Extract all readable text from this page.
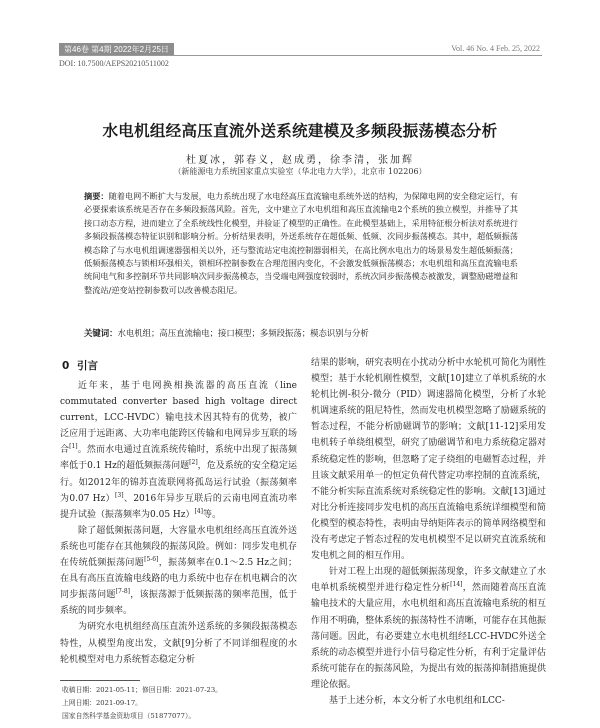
第46卷 第4期 2022年2月25日	Vol. 46 No. 4 Feb. 25, 2022
DOI: 10.7500/AEPS20210511002
水电机组经高压直流外送系统建模及多频段振荡模态分析
杜夏冰，郭春义，赵成勇，徐李清，张加辉
（新能源电力系统国家重点实验室（华北电力大学），北京市 102206）
摘要：随着电网不断扩大与发展，电力系统出现了水电经高压直流输电系统外送的结构，为保障电网的安全稳定运行，有必要探索该系统是否存在多频段振荡风险。首先，文中建立了水电机组和高压直流输电2个系统的独立模型，并推导了其接口动态方程，进而建立了全系统线性化模型，并验证了模型的正确性。在此模型基础上，采用特征根分析法对系统进行多频段振荡模态特征识别和影响分析。分析结果表明，外送系统存在超低频、低频、次同步振荡模态。其中，超低频振荡模态除了与水电机组调速器强相关以外，还与整流站定电流控制器弱相关，在高比例水电出力的场景易发生超低频振荡；低频振荡模态与锁相环强相关，锁相环控制参数在合理范围内变化，不会激发低频振荡模态；水电机组和高压直流输电系统间电气和多控制环节共同影响次同步振荡模态，当受端电网强度较弱时，系统次同步振荡模态被激发，调整励磁增益和整流站/逆变站控制参数可以改善模态阻尼。
关键词：水电机组；高压直流输电；接口模型；多频段振荡；模态识别与分析
0 引言

近年来，基于电网换相换流器的高压直流（line commutated converter based high voltage direct current，LCC-HVDC）输电技术因其特有的优势，被广泛应用于远距离、大功率电能跨区传输和电网异步互联的场合[1]。然而水电通过直流系统传输时，系统中出现了振荡频率低于0.1 Hz的超低频振荡问题[2]，危及系统的安全稳定运行。如2012年的锦苏直流联网将孤岛运行试验（振荡频率为0.07 Hz）[3]、2016年异步互联后的云南电网直流功率提升试验（振荡频率为0.05 Hz）[4]等。

除了超低频振荡问题，大容量水电机组经高压直流外送系统也可能存在其他频段的振荡风险。例如：同步发电机存在传统低频振荡问题[5-6]，振荡频率在0.1～2.5 Hz之间；在具有高压直流输电线路的电力系统中也存在机电耦合的次同步振荡问题[7-8]，该振荡源于低频振荡的频率范围，低于系统的同步频率。

为研究水电机组经高压直流外送系统的多频段振荡模态特性，从模型角度出发，文献[9]分析了不同详细程度的水轮机模型对电力系统暂态稳定分析

结果的影响，研究表明在小扰动分析中水轮机可简化为刚性模型；基于水轮机刚性模型，文献[10]建立了单机系统的水轮机比例-积分-微分（PID）调速器简化模型，分析了水轮机调速系统的阻尼特性，然而发电机模型忽略了励磁系统的暂态过程，不能分析励磁调节的影响；文献[11-12]采用发电机转子单绕组模型，研究了励磁调节和电力系统稳定器对系统稳定性的影响，但忽略了定子绕组的电磁暂态过程，并且该文献采用单一的恒定负荷代替定功率控制的直流系统，不能分析实际直流系统对系统稳定性的影响。文献[13]通过对比分析连接同步发电机的高压直流输电系统详细模型和简化模型的模态特性，表明由导纳矩阵表示的简单网络模型和没有考虑定子暂态过程的发电机模型不足以研究直流系统和发电机之间的相互作用。

针对工程上出现的超低频振荡现象，许多文献建立了水电单机系统模型并进行稳定性分析[14]，然而随着高压直流输电技术的大量应用，水电机组和高压直流输电系统的相互作用不明确，整体系统的振荡特性不清晰，可能存在其他振荡问题。因此，有必要建立水电机组经LCC-HVDC外送全系统的动态模型并进行小信号稳定性分析，有利于定量评估系统可能存在的振荡风险，为提出有效的振荡抑制措施提供理论依据。

基于上述分析，本文分析了水电机组和LCC-

收稿日期：2021-05-11；修回日期：2021-07-23。
上网日期：2021-09-17。
国家自然科学基金资助项目（51877077）。
